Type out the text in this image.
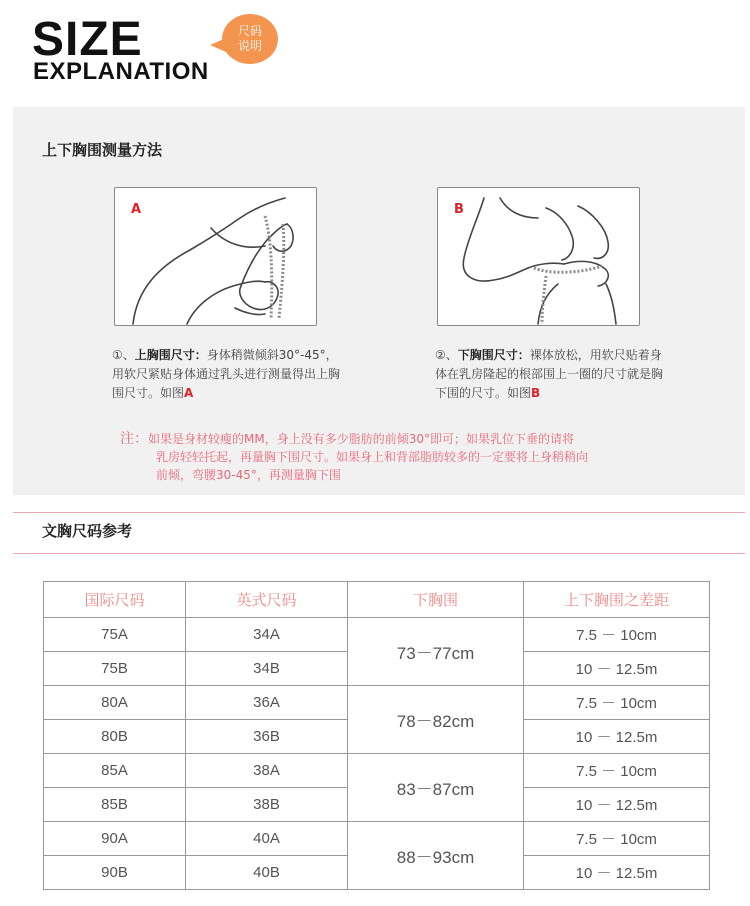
SIZE
EXPLANATION
尺码
说明
上下胸围测量方法
A	B
①、上胸围尺寸：身体稍微倾斜30°-45°，用软尺紧贴身体通过乳头进行测量得出上胸围尺寸。如图A
②、下胸围尺寸：裸体放松，用软尺贴着身体在乳房隆起的根部围上一圈的尺寸就是胸下围的尺寸。如图B
注：如果是身材较瘦的MM，身上没有多少脂肪的前倾30°即可；如果乳位下垂的请将
乳房轻轻托起，再量胸下围尺寸。如果身上和背部脂肪较多的一定要将上身稍稍向
前倾，弯腰30-45°，再测量胸下围
文胸尺码参考
国际尺码	英式尺码	下胸围	上下胸围之差距
75A	34A	73－77cm	7.5 － 10cm
75B	34B		10 － 12.5m
80A	36A	78－82cm	7.5 － 10cm
80B	36B		10 － 12.5m
85A	38A	83－87cm	7.5 － 10cm
85B	38B		10 － 12.5m
90A	40A	88－93cm	7.5 － 10cm
90B	40B		10 － 12.5m
